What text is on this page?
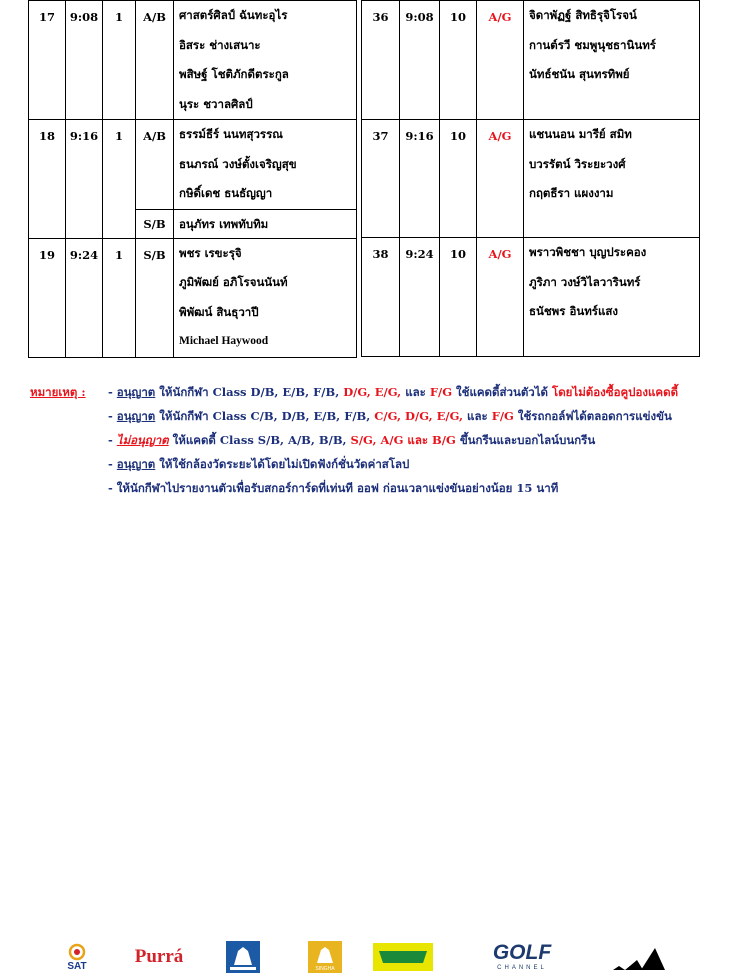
17	9:08	1	A/B	ศาสตร์ศิลป์ ฉันทะอุไร
อิสระ ช่างเสนาะ
พสิษฐ์ โชติภักดีตระกูล
นุระ ชวาลศิลป์

18	9:16	1	A/B	ธรรม์ธีร์ นนทสุวรรณ
ธนภรณ์ วงษ์ตั้งเจริญสุข
กษิดิ์เดช ธนธัญญา

			S/B	อนุภัทร เทพทับทิม

19	9:24	1	S/B	พชร เรขะรุจิ
ภูมิพัฒย์ อภิโรจนนันท์
พิพัฒน์ สินธุวาปี
Michael Haywood
36	9:08	10	A/G	จิดาพัฏฐ์ สิทธิรุจิโรจน์
กานต์รวี ชมพูนุชธานินทร์
นัทธ์ชนัน สุนทรทิพย์

37	9:16	10	A/G	แชนนอน มารีย์ สมิท
บวรรัตน์ วิระยะวงศ์
กฤตธีรา แผงงาม

38	9:24	10	A/G	พราวพิชชา บุญประคอง
ภูริภา วงษ์วิไลวารินทร์
ธนัชพร อินทร์แสง
หมายเหตุ : - อนุญาต ให้นักกีฬา Class D/B, E/B, F/B, D/G, E/G, และ F/G ใช้แคดดี้ส่วนตัวได้ โดยไม่ต้องซื้อคูปองแคดดี้
- อนุญาต ให้นักกีฬา Class C/B, D/B, E/B, F/B, C/G, D/G, E/G, และ F/G ใช้รถกอล์ฟได้ตลอดการแข่งขัน
- ไม่อนุญาต ให้แคดดี้ Class S/B, A/B, B/B, S/G, A/G และ B/G ขึ้นกรีนและบอกไลน์บนกรีน
- อนุญาต ให้ใช้กล้องวัดระยะได้โดยไม่เปิดฟังก์ชั่นวัดค่าสโลป
- ให้นักกีฬาไปรายงานตัวเพื่อรับสกอร์การ์ดที่เท่นที ออฟ ก่อนเวลาแข่งขันอย่างน้อย 15 นาที
SAT	Purrá
SINGHA
GOLF
CHANNEL
